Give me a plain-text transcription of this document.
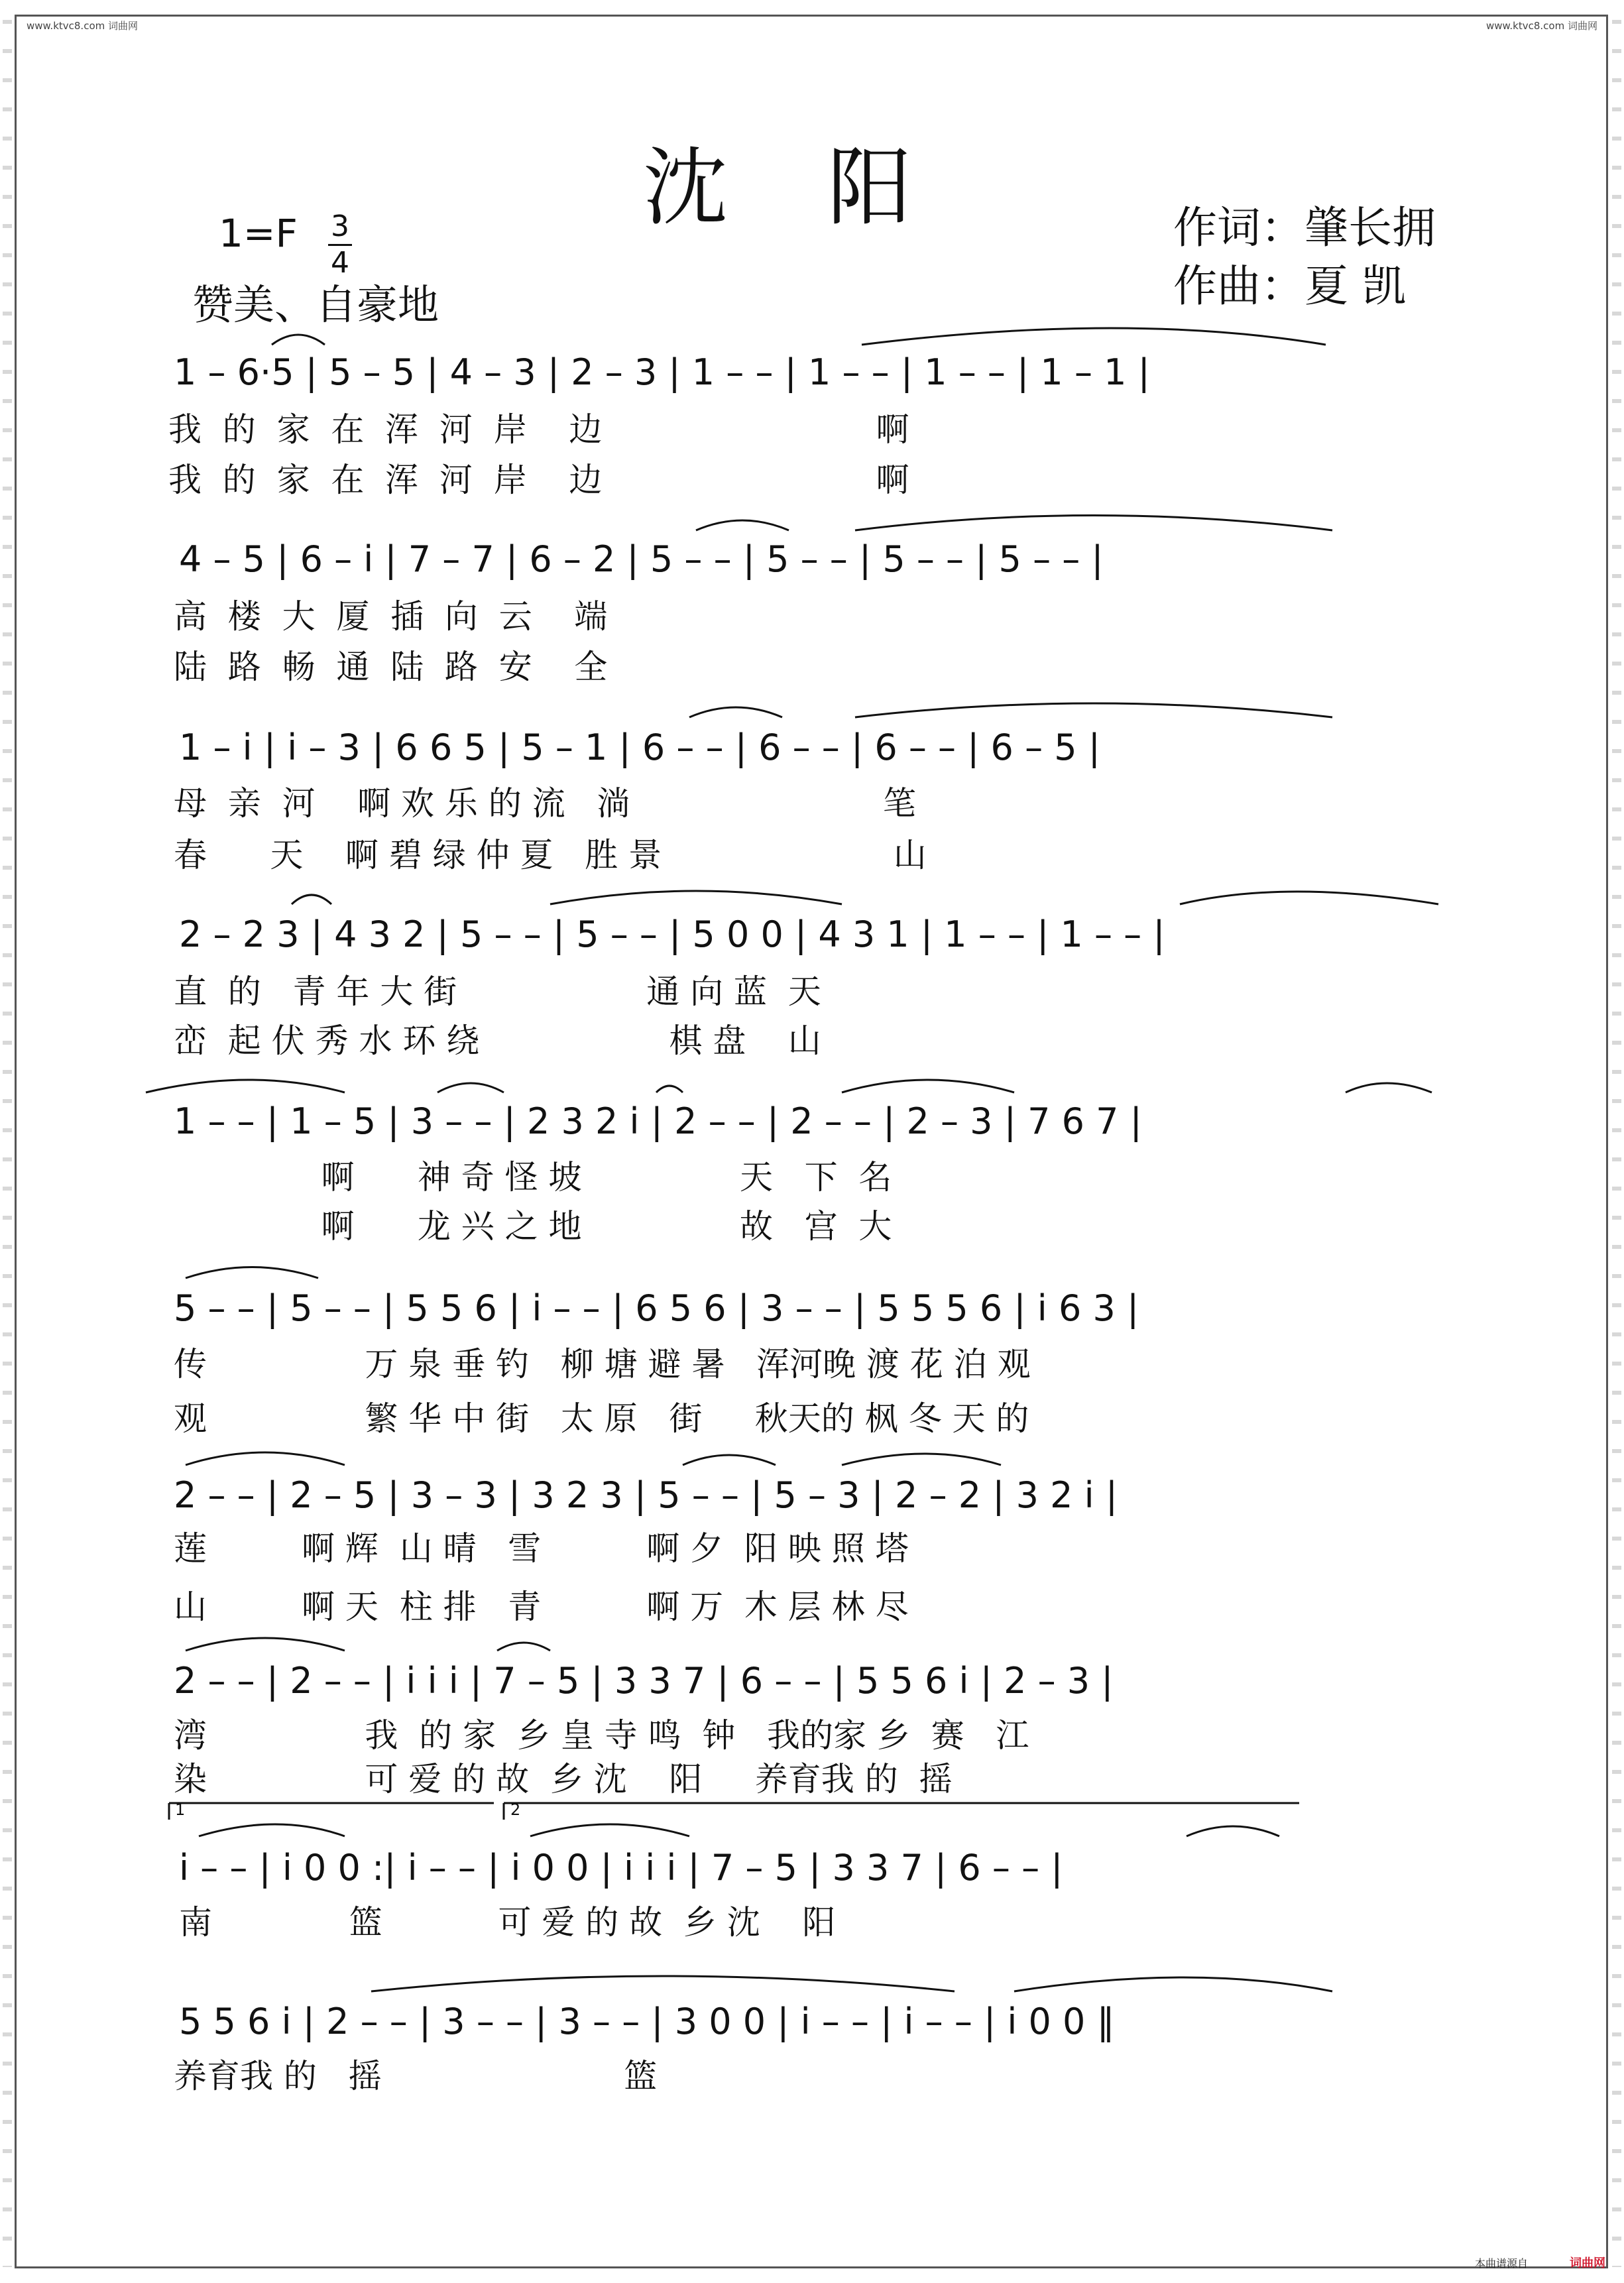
www.ktvc8.com 词曲网	www.ktvc8.com 词曲网
沈阳	作词：肇长拥
作曲：夏 凯
1=F 3
4
赞美、自豪地
1 – 6·5 | 5 – 5 | 4 – 3 | 2 – 3 | 1 – – | 1 – – | 1 – – | 1 – 1 |
我  的  家  在  浑  河  岸    边                          啊
我  的  家  在  浑  河  岸    边                          啊
4 – 5 | 6 – i | 7 – 7 | 6 – 2 | 5 – – | 5 – – | 5 – – | 5 – – |
高  楼  大  厦  插  向  云    端
陆  路  畅  通  陆  路  安    全
1 – i | i – 3 | 6 6 5 | 5 – 1 | 6 – – | 6 – – | 6 – – | 6 – 5 |
母  亲  河    啊 欢 乐 的 流   淌                        笔
春      天    啊 碧 绿 仲 夏   胜 景                      山
2 – 2 3 | 4 3 2 | 5 – – | 5 – – | 5 0 0 | 4 3 1 | 1 – – | 1 – – |
直  的   青 年 大 街                  通 向 蓝  天
峦  起 伏 秀 水 环 绕                  棋 盘    山
1 – – | 1 – 5 | 3 – – | 2 3 2 i | 2 – – | 2 – – | 2 – 3 | 7 6 7 |
啊      神 奇 怪 坡               天   下  名
啊      龙 兴 之 地               故   宫  大
5 – – | 5 – – | 5 5 6 | i – – | 6 5 6 | 3 – – | 5 5 5 6 | i 6 3 |
传               万 泉 垂 钓   柳 塘 避 暑   浑河晚 渡 花 泊 观
观               繁 华 中 街   太 原   街     秋天的 枫 冬 天 的
2 – – | 2 – 5 | 3 – 3 | 3 2 3 | 5 – – | 5 – 3 | 2 – 2 | 3 2 i |
莲         啊 辉  山 晴   雪          啊 夕  阳 映 照 塔
山         啊 天  柱 排   青          啊 万  木 层 林 尽
2 – – | 2 – – | i i i | 7 – 5 | 3 3 7 | 6 – – | 5 5 6 i | 2 – 3 |
湾               我  的 家  乡 皇 寺 鸣  钟   我的家 乡  赛   江
染               可 爱 的 故  乡 沈    阳     养育我 的  摇
1	2
i – – | i 0 0 :| i – – | i 0 0 | i i i | 7 – 5 | 3 3 7 | 6 – – |
南             篮           可 爱 的 故  乡 沈    阳
5 5 6 i | 2 – – | 3 – – | 3 – – | 3 0 0 | i – – | i – – | i 0 0 ‖
养育我 的   摇                       篮
本曲谱源自	词曲网
